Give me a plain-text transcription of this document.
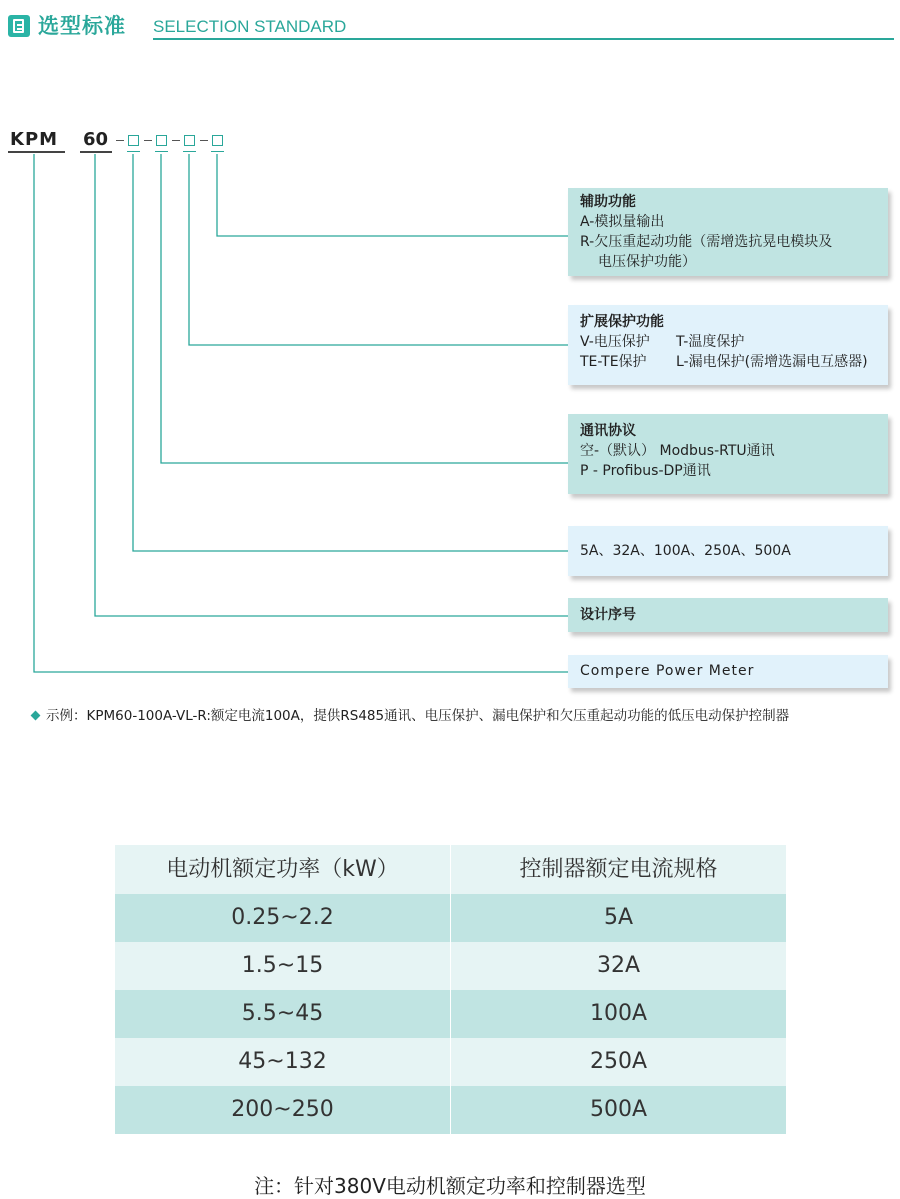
选型标准 SELECTION STANDARD
KPM 60
辅助功能
A-模拟量输出
R-欠压重起动功能（需增选抗晃电模块及
电压保护功能）
扩展保护功能
V-电压保护 T-温度保护
TE-TE保护 L-漏电保护(需增选漏电互感器)
通讯协议
空-（默认） Modbus-RTU通讯
P - Profibus-DP通讯
5A、32A、100A、250A、500A
设计序号
Compere Power Meter
示例：KPM60-100A-VL-R:额定电流100A，提供RS485通讯、电压保护、漏电保护和欠压重起动功能的低压电动保护控制器
电动机额定功率（kW）	控制器额定电流规格
0.25~2.2	5A
1.5~15	32A
5.5~45	100A
45~132	250A
200~250	500A
注：针对380V电动机额定功率和控制器选型
